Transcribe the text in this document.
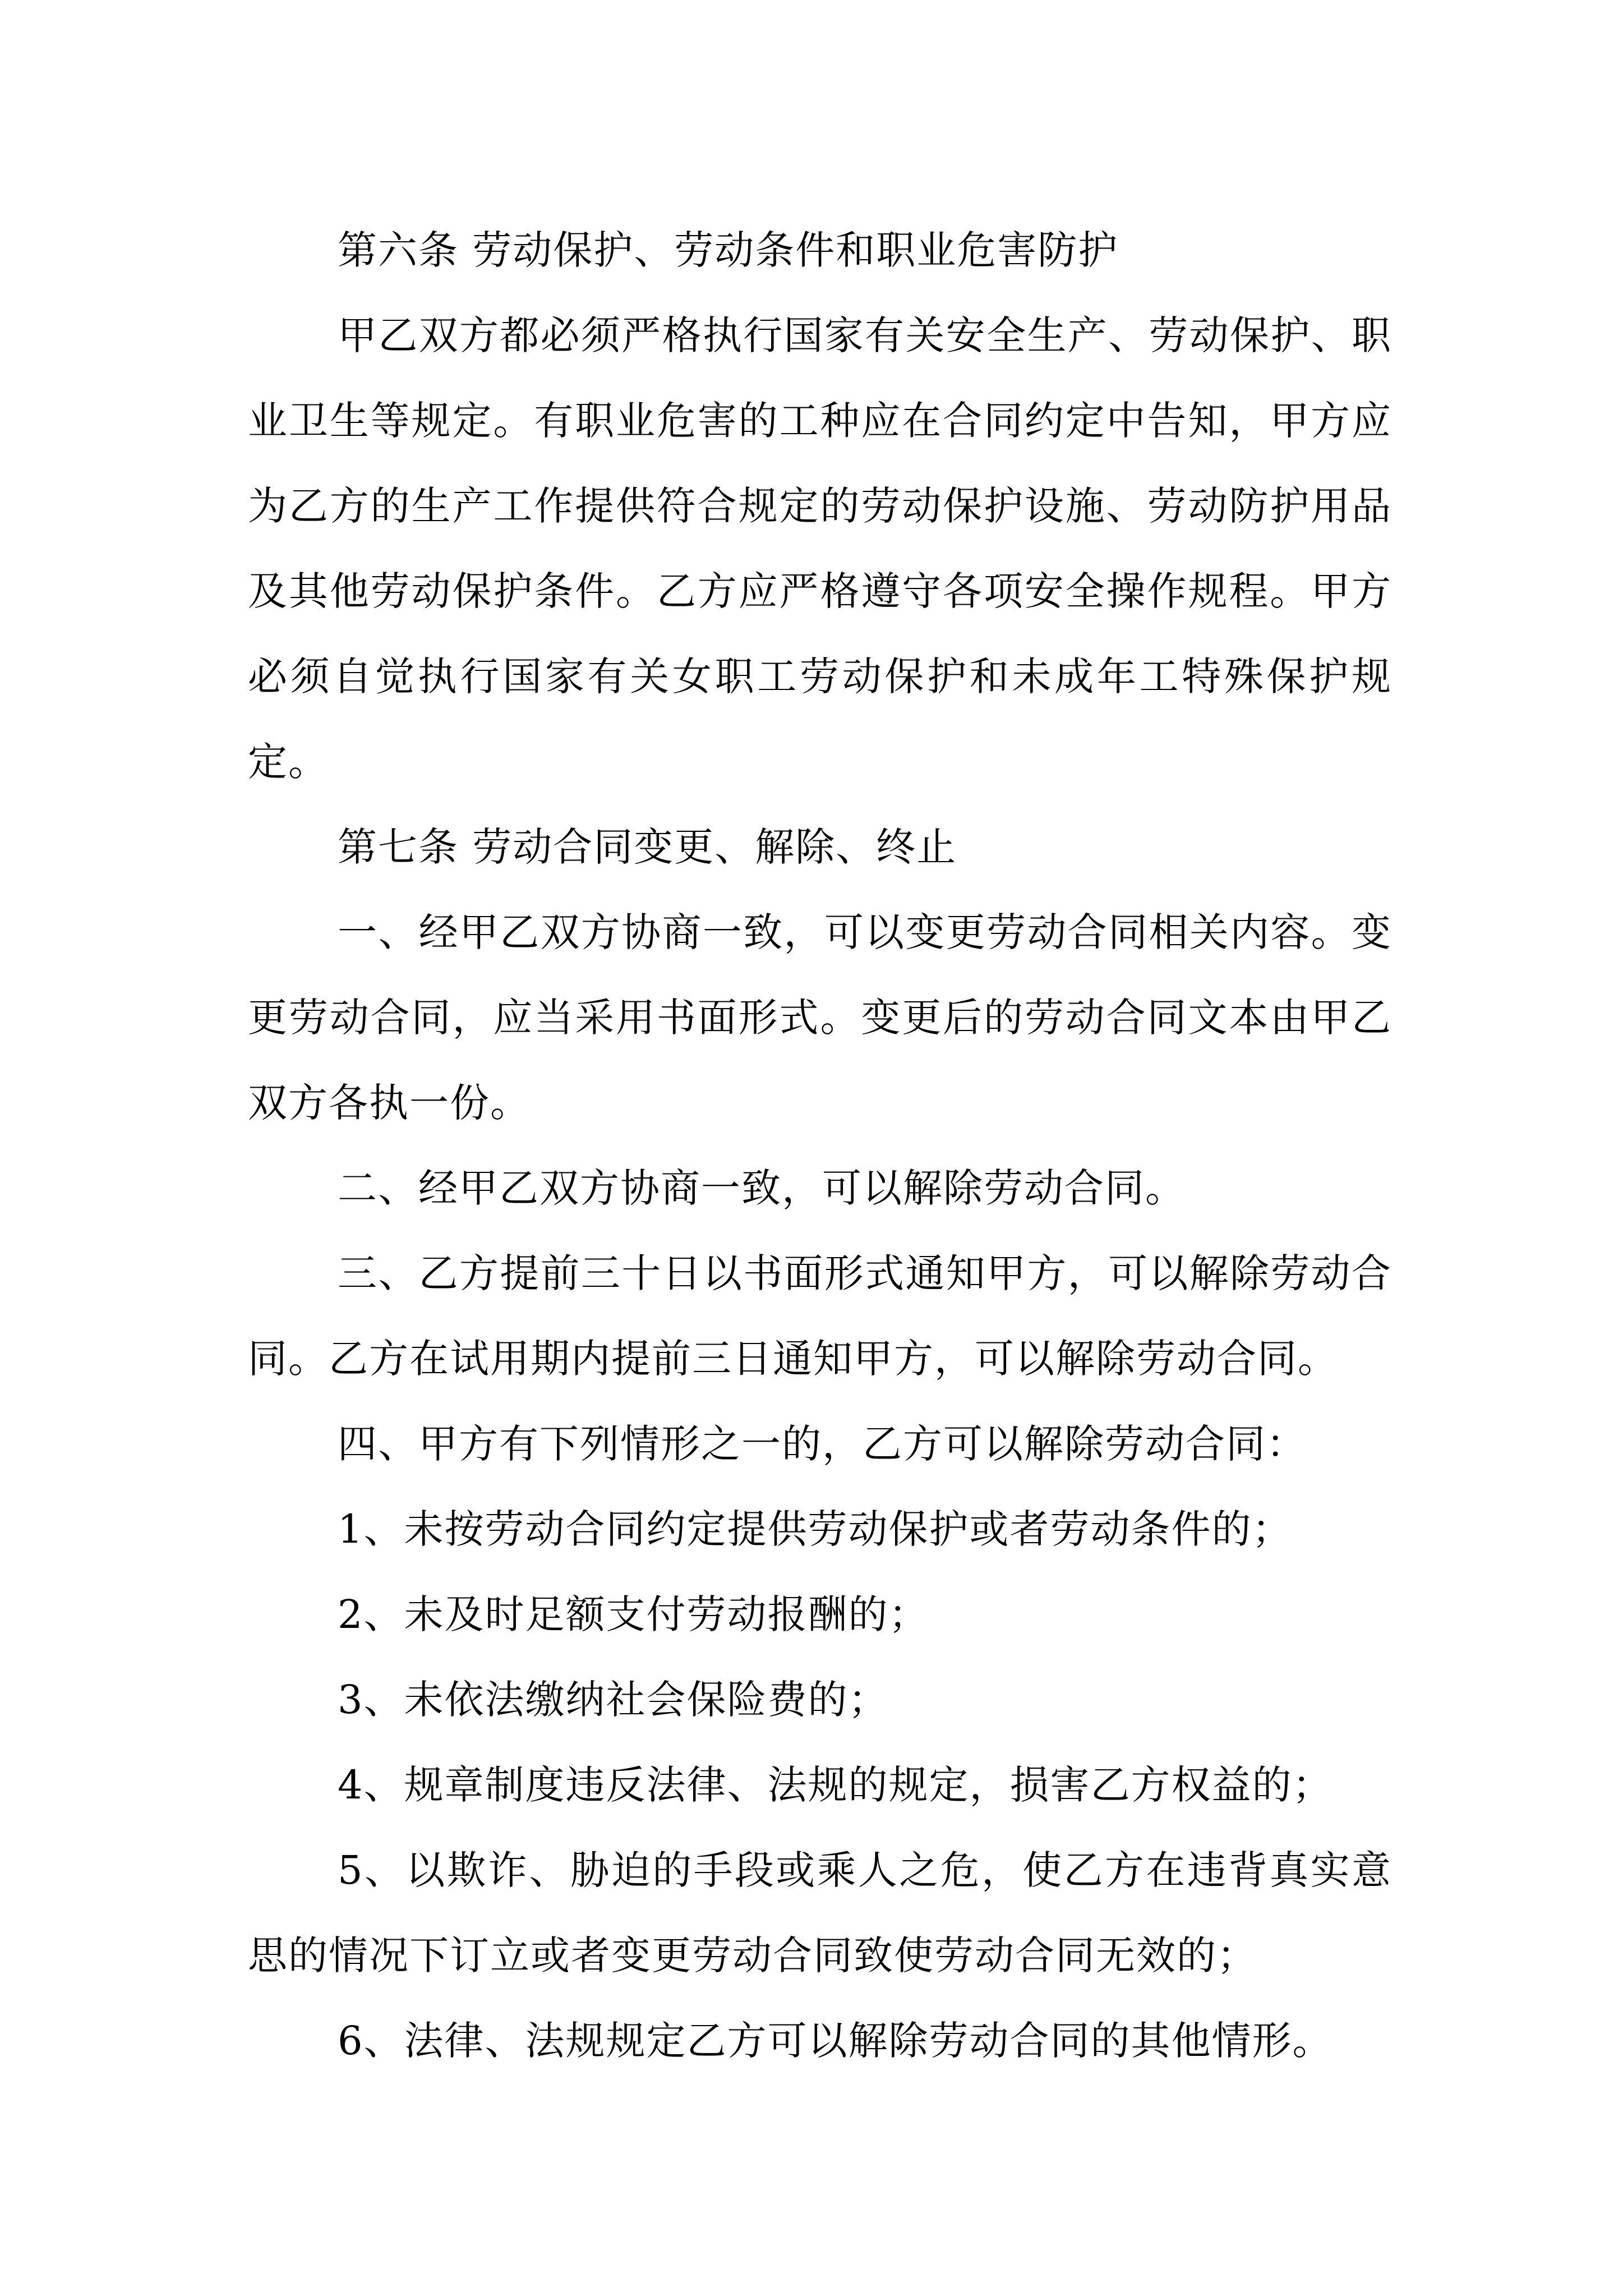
第六条 劳动保护、劳动条件和职业危害防护

甲乙双方都必须严格执行国家有关安全生产、劳动保护、职业卫生等规定。有职业危害的工种应在合同约定中告知，甲方应为乙方的生产工作提供符合规定的劳动保护设施、劳动防护用品及其他劳动保护条件。乙方应严格遵守各项安全操作规程。甲方必须自觉执行国家有关女职工劳动保护和未成年工特殊保护规定。

第七条 劳动合同变更、解除、终止

一、经甲乙双方协商一致，可以变更劳动合同相关内容。变更劳动合同，应当采用书面形式。变更后的劳动合同文本由甲乙双方各执一份。

二、经甲乙双方协商一致，可以解除劳动合同。

三、乙方提前三十日以书面形式通知甲方，可以解除劳动合同。乙方在试用期内提前三日通知甲方，可以解除劳动合同。

四、甲方有下列情形之一的，乙方可以解除劳动合同：

1、未按劳动合同约定提供劳动保护或者劳动条件的；

2、未及时足额支付劳动报酬的；

3、未依法缴纳社会保险费的；

4、规章制度违反法律、法规的规定，损害乙方权益的；

5、以欺诈、胁迫的手段或乘人之危，使乙方在违背真实意思的情况下订立或者变更劳动合同致使劳动合同无效的；

6、法律、法规规定乙方可以解除劳动合同的其他情形。
